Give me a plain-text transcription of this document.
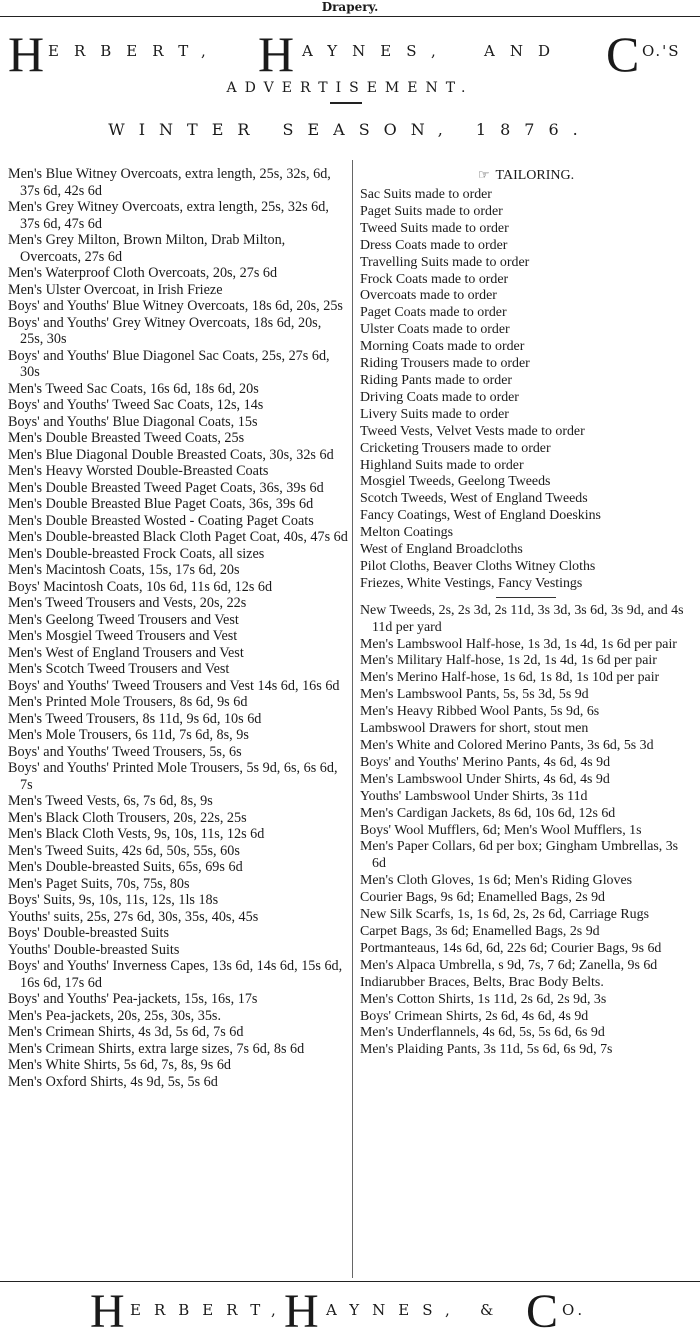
Drapery.
H ERBERT, H AYNES, AND C O.'S
ADVERTISEMENT.
WINTER SEASON, 1876.
Men's Blue Witney Overcoats, extra length, 25s, 32s, 6d, 37s 6d, 42s 6d
Men's Grey Witney Overcoats, extra length, 25s, 32s 6d, 37s 6d, 47s 6d
Men's Grey Milton, Brown Milton, Drab Milton, Overcoats, 27s 6d
Men's Waterproof Cloth Overcoats, 20s, 27s 6d
Men's Ulster Overcoat, in Irish Frieze
Boys' and Youths' Blue Witney Overcoats, 18s 6d, 20s, 25s
Boys' and Youths' Grey Witney Overcoats, 18s 6d, 20s, 25s, 30s
Boys' and Youths' Blue Diagonel Sac Coats, 25s, 27s 6d, 30s
Men's Tweed Sac Coats, 16s 6d, 18s 6d, 20s
Boys' and Youths' Tweed Sac Coats, 12s, 14s
Boys' and Youths' Blue Diagonal Coats, 15s
Men's Double Breasted Tweed Coats, 25s
Men's Blue Diagonal Double Breasted Coats, 30s, 32s 6d
Men's Heavy Worsted Double-Breasted Coats
Men's Double Breasted Tweed Paget Coats, 36s, 39s 6d
Men's Double Breasted Blue Paget Coats, 36s, 39s 6d
Men's Double Breasted Wosted - Coating Paget Coats
Men's Double-breasted Black Cloth Paget Coat, 40s, 47s 6d
Men's Double-breasted Frock Coats, all sizes
Men's Macintosh Coats, 15s, 17s 6d, 20s
Boys' Macintosh Coats, 10s 6d, 11s 6d, 12s 6d
Men's Tweed Trousers and Vests, 20s, 22s
Men's Geelong Tweed Trousers and Vest
Men's Mosgiel Tweed Trousers and Vest
Men's West of England Trousers and Vest
Men's Scotch Tweed Trousers and Vest
Boys' and Youths' Tweed Trousers and Vest 14s 6d, 16s 6d
Men's Printed Mole Trousers, 8s 6d, 9s 6d
Men's Tweed Trousers, 8s 11d, 9s 6d, 10s 6d
Men's Mole Trousers, 6s 11d, 7s 6d, 8s, 9s
Boys' and Youths' Tweed Trousers, 5s, 6s
Boys' and Youths' Printed Mole Trousers, 5s 9d, 6s, 6s 6d, 7s
Men's Tweed Vests, 6s, 7s 6d, 8s, 9s
Men's Black Cloth Trousers, 20s, 22s, 25s
Men's Black Cloth Vests, 9s, 10s, 11s, 12s 6d
Men's Tweed Suits, 42s 6d, 50s, 55s, 60s
Men's Double-breasted Suits, 65s, 69s 6d
Men's Paget Suits, 70s, 75s, 80s
Boys' Suits, 9s, 10s, 11s, 12s, 1ls 18s
Youths' suits, 25s, 27s 6d, 30s, 35s, 40s, 45s
Boys' Double-breasted Suits
Youths' Double-breasted Suits
Boys' and Youths' Inverness Capes, 13s 6d, 14s 6d, 15s 6d, 16s 6d, 17s 6d
Boys' and Youths' Pea-jackets, 15s, 16s, 17s
Men's Pea-jackets, 20s, 25s, 30s, 35s.
Men's Crimean Shirts, 4s 3d, 5s 6d, 7s 6d
Men's Crimean Shirts, extra large sizes, 7s 6d, 8s 6d
Men's White Shirts, 5s 6d, 7s, 8s, 9s 6d
Men's Oxford Shirts, 4s 9d, 5s, 5s 6d
☞ TAILORING.
Sac Suits made to order
Paget Suits made to order
Tweed Suits made to order
Dress Coats made to order
Travelling Suits made to order
Frock Coats made to order
Overcoats made to order
Paget Coats made to order
Ulster Coats made to order
Morning Coats made to order
Riding Trousers made to order
Riding Pants made to order
Driving Coats made to order
Livery Suits made to order
Tweed Vests, Velvet Vests made to order
Cricketing Trousers made to order
Highland Suits made to order
Mosgiel Tweeds, Geelong Tweeds
Scotch Tweeds, West of England Tweeds
Fancy Coatings, West of England Doeskins
Melton Coatings
West of England Broadcloths
Pilot Cloths, Beaver Cloths Witney Cloths
Friezes, White Vestings, Fancy Vestings
New Tweeds, 2s, 2s 3d, 2s 11d, 3s 3d, 3s 6d, 3s 9d, and 4s 11d per yard
Men's Lambswool Half-hose, 1s 3d, 1s 4d, 1s 6d per pair
Men's Military Half-hose, 1s 2d, 1s 4d, 1s 6d per pair
Men's Merino Half-hose, 1s 6d, 1s 8d, 1s 10d per pair
Men's Lambswool Pants, 5s, 5s 3d, 5s 9d
Men's Heavy Ribbed Wool Pants, 5s 9d, 6s
Lambswool Drawers for short, stout men
Men's White and Colored Merino Pants, 3s 6d, 5s 3d
Boys' and Youths' Merino Pants, 4s 6d, 4s 9d
Men's Lambswool Under Shirts, 4s 6d, 4s 9d
Youths' Lambswool Under Shirts, 3s 11d
Men's Cardigan Jackets, 8s 6d, 10s 6d, 12s 6d
Boys' Wool Mufflers, 6d; Men's Wool Mufflers, 1s
Men's Paper Collars, 6d per box; Gingham Umbrellas, 3s 6d
Men's Cloth Gloves, 1s 6d; Men's Riding Gloves
Courier Bags, 9s 6d; Enamelled Bags, 2s 9d
New Silk Scarfs, 1s, 1s 6d, 2s, 2s 6d, Carriage Rugs
Carpet Bags, 3s 6d; Enamelled Bags, 2s 9d
Portmanteaus, 14s 6d, 6d, 22s 6d; Courier Bags, 9s 6d
Men's Alpaca Umbrella, s 9d, 7s, 7 6d; Zanella, 9s 6d
Indiarubber Braces, Belts, Brac Body Belts.
Men's Cotton Shirts, 1s 11d, 2s 6d, 2s 9d, 3s
Boys' Crimean Shirts, 2s 6d, 4s 6d, 4s 9d
Men's Underflannels, 4s 6d, 5s, 5s 6d, 6s 9d
Men's Plaiding Pants, 3s 11d, 5s 6d, 6s 9d, 7s
H ERBERT,
H AYNES, & C O.
